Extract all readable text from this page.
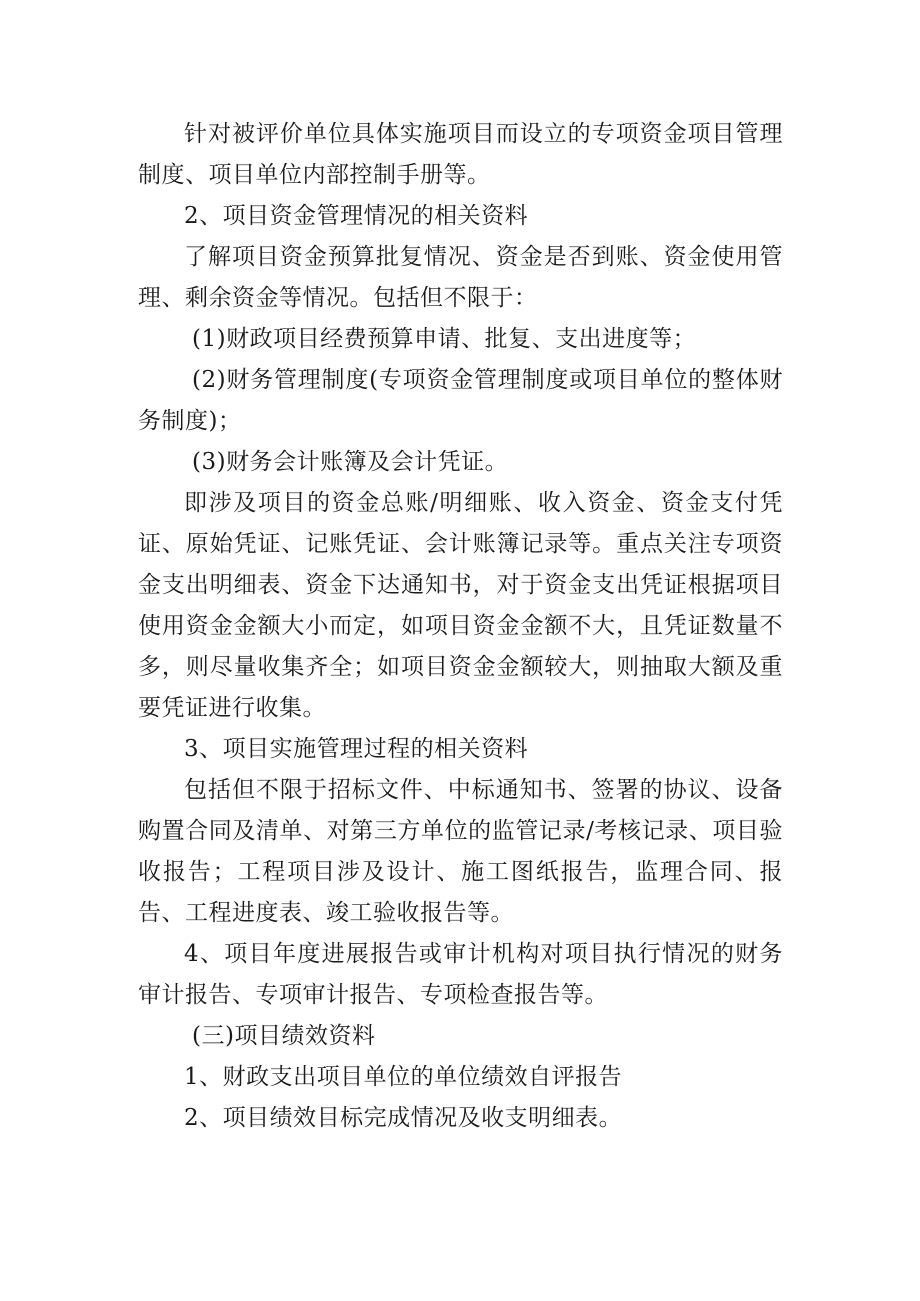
针对被评价单位具体实施项目而设立的专项资金项目管理制度、项目单位内部控制手册等。

2、项目资金管理情况的相关资料

了解项目资金预算批复情况、资金是否到账、资金使用管理、剩余资金等情况。包括但不限于：

(1)财政项目经费预算申请、批复、支出进度等；

(2)财务管理制度(专项资金管理制度或项目单位的整体财务制度)；

(3)财务会计账簿及会计凭证。

即涉及项目的资金总账/明细账、收入资金、资金支付凭证、原始凭证、记账凭证、会计账簿记录等。重点关注专项资金支出明细表、资金下达通知书，对于资金支出凭证根据项目使用资金金额大小而定，如项目资金金额不大，且凭证数量不多，则尽量收集齐全；如项目资金金额较大，则抽取大额及重要凭证进行收集。

3、项目实施管理过程的相关资料

包括但不限于招标文件、中标通知书、签署的协议、设备购置合同及清单、对第三方单位的监管记录/考核记录、项目验收报告；工程项目涉及设计、施工图纸报告，监理合同、报告、工程进度表、竣工验收报告等。

4、项目年度进展报告或审计机构对项目执行情况的财务审计报告、专项审计报告、专项检查报告等。

(三)项目绩效资料

1、财政支出项目单位的单位绩效自评报告

2、项目绩效目标完成情况及收支明细表。
